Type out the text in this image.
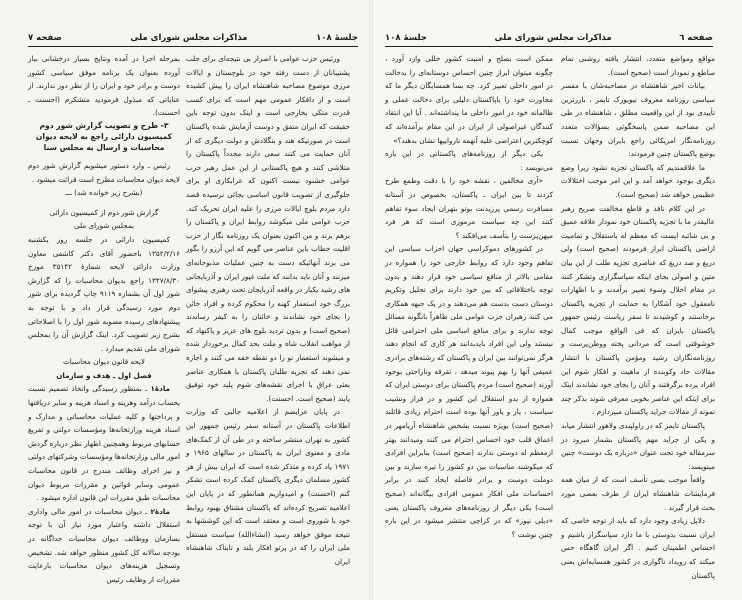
جلسهٔ ۱۰۸
مذاکرات مجلس شورای ملی
صفحه ۷

ورئیس حزب عوامی با اصرار بی نتیجه‌ای برای جلب پشتیبانان از دست رفته خود در بلوچستان و ایالات مرزی موضوع مصاحبه شاهنشاه ایران را پیش کشیده است و از دافکار عمومی مهم است که برای کسب قدرت متکی بخارجی است و اینک بدون توجه باین حقیقت که ایران متفق و دوست آزمایش شده پاکستان است در صورتیکه هند و بنگلادش و دولت دیگری که از آنان حمایت می کنند سعی دارند مجدداً پاکستان را متلاشی کنند و هیچ پاکستانی از این عمل رهبر حزب عوامی خشنود نیست اکنون که عرابکاری او برای جلوگیری از تصویب قانون اساسی بجائی نرسیده قصد دارد مردم بلوچ ایالات مرزی را علیه ایران تحریک کند. حزب عوامی ملی میکوشد روابط ایران و پاکستان را برهم بزند و من اکنون بعنوان یک روزنامه نگار از حزب اقلیت خطاب باین عناصر می گویم که این آرزو را بگور می برند آنهائیکه دست به چنین عملیات مذبوحانه‌ای میزنند و آنان باید بدانند که ملت غیور ایران و آذربایجانی های رشید یکبار در واقعه آذربایجان تحت رهبری پیشوای بزرگ خود استعمار کهنه را محکوم کرده و افراد خائن را بجای خود نشاندند و خائنان را به کیفر رساندند (صحیح است) و بدون تردید بلوچ های عزیز و پاکنهاد که از مواهب انقلاب شاه و ملت بحد کمال برخوردار شده و میشوند استعمار نو را دو نقطه خفه می کنند و اجازه نمی دهند که تجزیه طلبان پاکستان با همکاری عناصر بعثی عراق با اجرای نقشه‌های شوم پلید خود توفیق یابند (صحیح است. احسنت).

در پایان عرایضم از اعلامیه جالبی که وزارت اطلاعات پاکستان در آستانه سفر رئیس جمهور این کشور به تهران منتشر ساخته و در طی آن از کمک‌های مادی و معنوی ایران به پاکستان در سالهای ۱۹۶۵ و ۱۹۷۱ یاد کرده و متذکر شده است که ایران بیش از هر کشور مسلمان دیگری پاکستان کمک کرده است تشکر کنم (احسنت) و امیدواریم همانطور که در پایان این اعلامیه تصریح کرده‌اند که پاکستان مشتاق بهبود روابط خود با شوروی است و معتقد است که این کوششها به نتیجه موفق خواهد رسید (انشاءالله) سیاست مستقل ملی ایران را که در پرتو افکار بلند و تابناک شاهنشاه ایران

بمرحله اجرا در آمده ونتایج بسیار درخشانی ببار آورده بعنوان یک برنامه موفق سیاسی کشور دوست و برادر خود و ایران را از نظر دور ندارند. از عنایاتی که مبذول فرمودید متشکرم (احسنت ـ احسنت).

۳- طرح و تصویب گزارش شور دوم کمیسیون دارائی راجع به لایحه دیوان محاسبات و ارسال به مجلس سنا

رئیس ـ وارد دستور میشویم گزارش شور دوم لایحه دیوان محاسبات مطرح است قرائت میشود .

(بشرح زیر خوانده شد) ـــ

گزارش شور دوم از کمیسیون دارائی

بمجلس شورای ملی

کمیسیون دارائی در جلسه روز یکشنبه ۱۳۵۲/۲/۱۶ باحضور آقای دکتر کاشفی معاون وزارت دارائی لایحه شمارهٔ ۳۵۱۴۲ مورخ ۱۳۴۷/۸/۳۰ راجع بدیوان محاسبات را که گزارش شور اول آن بشماره ۹۱۱۹ چاپ گردیده برای شور دوم مورد رسیدگی قرار داد و با توجه به پیشنهادهای رسیده مصوبه شور اول را با اصلاحاتی بشرح زیر تصویب کرد. اینک گزارش آن را بمجلس شورای ملی تقدیم میدارد .

لایحه قانون دیوان محاسبات

فصل اول ـ هدف و سازمان

مادهٔ۱ ـ بمنظور رسیدگی واتخاذ تصمیم نسبت بحساب درآمد وهزینه و اسناد هزینه و سایر دریافتها و پرداختها و کلیه عملیات محاسباتی و مدارک و اسناد هزینه وزارتخانه‌ها ومؤسسات دولتی و تفریغ حسابهای مربوط وهمچنین اظهار نظر درباره گردش امور مالی وزارتخانه‌ها ومؤسسات وشرکتهای دولتی و نیز اجرای وظائف مندرج در قانون محاسبات عمومی وسایر قوانین و مقررات مربوط دیوان محاسبات طبق مقررات این قانون اداره میشود .

مادهٔ۲ ـ دیوان محاسبات در امور مالی واداری استقلال داشته واعتبار مورد نیاز آن با توجه بسازمان ووظائف دیوان محاسبات جداگانه در بودجه سالانه کل کشور منظور خواهد شد. تشخیص وتسجیل هزینه‌های دیوان محاسبات بارعایت مقررات از وظایف رئیس

صفحه ٦
مذاکرات مجلس شورای ملی
جلسهٔ ۱۰۸

مواقع ومواضع متعدد، انتشار یافته روشنی تمام ساطع و نمودار است (صحیح است).

بیانات اخیر شاهنشاه در مصاحبه‌شان با مفسر سیاسی روزنامه معروف نیویورک تایمز ، بارزترین تأییدی بود از این واقعیت مطلق ، شاهنشاه در طی این مصاحبه ضمن پاسخگوئی بسؤالات متعدد روزنامه‌نگار امریکائی راجع بایران وجهان نسبت بوضع پاکستان چنین فرمودند:

ما علاقمندیم که پاکستان تجزیه نشود زیرا وضع دیگری بوجود خواهد آمد و این امر موجب اختلالات عظیمی خواهد شد (صحیح است).

در این کلام نافذ و قاطع مخالفت صریح رهبر عالیقدر ما با تجزیه پاکستان خود نمودار علاقه عمیق و بی شائبه ایست که معظم له باستقلال و تمامیت اراضی پاکستان ابراز فرمودند (صحیح است) ولی دریغ و صد دریغ که عناصری تجزیه طلب از این بیان متین و اصولی بجای اینکه سپاسگزاری وتشکر کنند در مقام اخلال وسوء تعبیر برآمدند و با اظهارات نامعقول خود آشکارا به حمایت از تجزیه پاکستان برخاستند و کوشیدند تا سفر ریاست رئیس جمهور پاکستان بایران که فی الواقع موجب کمال خوشوقتی است که مردانی پخته ووطن‌پرست و روزنامه‌نگاران رشید ومؤمن پاکستان با انتشار مقالات حاد وکوبنده از ماهیت و افکار شوم این افراد پرده برگرفتند و آنان را بجای خود نشاندند اینک برای اینکه این عناصر بخوبی معرفی شوند بذکر چند نمونه از مقالات جراید پاکستان مبپردازم .

پاکستان تایمز که در راولپندی ولاهور انتشار میابد و یکی از جراید مهم پاکستان بشمار میرود در سرمقاله خود تحت عنوان «درباره یک دوست» چنین مینویسد:

واقعاً موجب بسی تأسف است که از میان همه فرمایشات شاهنشاه ایران از طرف بعضی مورد بحث قرار گیرند .

دلایل زیادی وجود دارد که باید از توجه خاصی که ایران نسبت بدوستی با ما دارد سپاسگزار باشیم و احساس اطمینان کنیم . اگر ایران گاهگاه حس میکند که رویداد ناگواری در کشور همسایه‌اش یعنی پاکستان

ممکن است بصلح و امنیت کشور خللی وارد آورد ، چگونه میتوان ابراز چنین احساس دوستانه‌ای را بدخالت در امور داخلی تعبیر کرد. چه بسا همسایگان دیگر ما که مجاورت خود را باپاکستان دلیلی برای دخالت عملی و ظالمانه خود در امور داخلی ما پنداشته‌اند . آیا این انتقاد کنندگان غیراصولی از ایران در این مقام برآمده‌اند که کوچکترین اعتراضی علیه آنهمه نارواییها نشان بدهند؟»

یکی دیگر از روزنامه‌های پاکستانی در این باره می‌نویسد :

«آری مخالفین ، نقشه خود را با دقت وطمع طرح کردند تا بین ایران ـ پاکستان، بخصوص در آستانه مسافرت رسمی پرزیدنت بوتو بتهران ایجاد سوء تفاهم کنند این چه سیاست مرموزی است که هر فرد میهن‌پرست را بتأسف می‌افکند ؟

در کشورهای دموکراسی جهان احزاب سیاسی این تفاهم وجود دارد که روابط خارجی خود را همواره در مقامی بالاتر از منافع سیاسی خود قرار دهند و بدون توجه باختلافاتی که بین خود دارند برای تجلیل وتکریم دوستان دست بدست هم می‌دهند و در یک جبهه همکاری می کنند رهبران حزب عوامی ملی ظاهراً بانگونه مسائل توجه ندارند و برای منافع اساسی ملی احترامی قائل نیستند ولی این افراد بایدبدانند هر کاری که انجام دهند هرگز نمی‌توانند بین ایران و پاکستان که رشته‌های برادری عمیقی آنها را بهم پیوند میدهد ، تفرقه وناراحتی بوجود آورند (صحیح است) مردم پاکستان برای دوستی ایران که همواره از بدو استقلال این کشور و در فراز ونشیب سیاست ، یار و یاور آنها بوده است احترام زیادی قائلند (صحیح است) بویژه نسبت بشخص شاهنشاه آریامهر در اعماق قلب خود احساس احترام می کنند ومیدانند بهتر ازمعظم له دوستی ندارند (صحیح است) بنابراین افرادی که میکوشند مناسبات بین دو کشور را تیره سازند و بین دوملت دوست و برادر فاصله ایجاد کنند در برابر احساسات ملی افکار عمومی افرادی بیگانه‌اند (صحیح است) یکی دیگر از روزنامه‌های معروف پاکستان یعنی «دیلی نیوز» که در کراچی منتشر میشود در این باره چنین نوشت ؟
